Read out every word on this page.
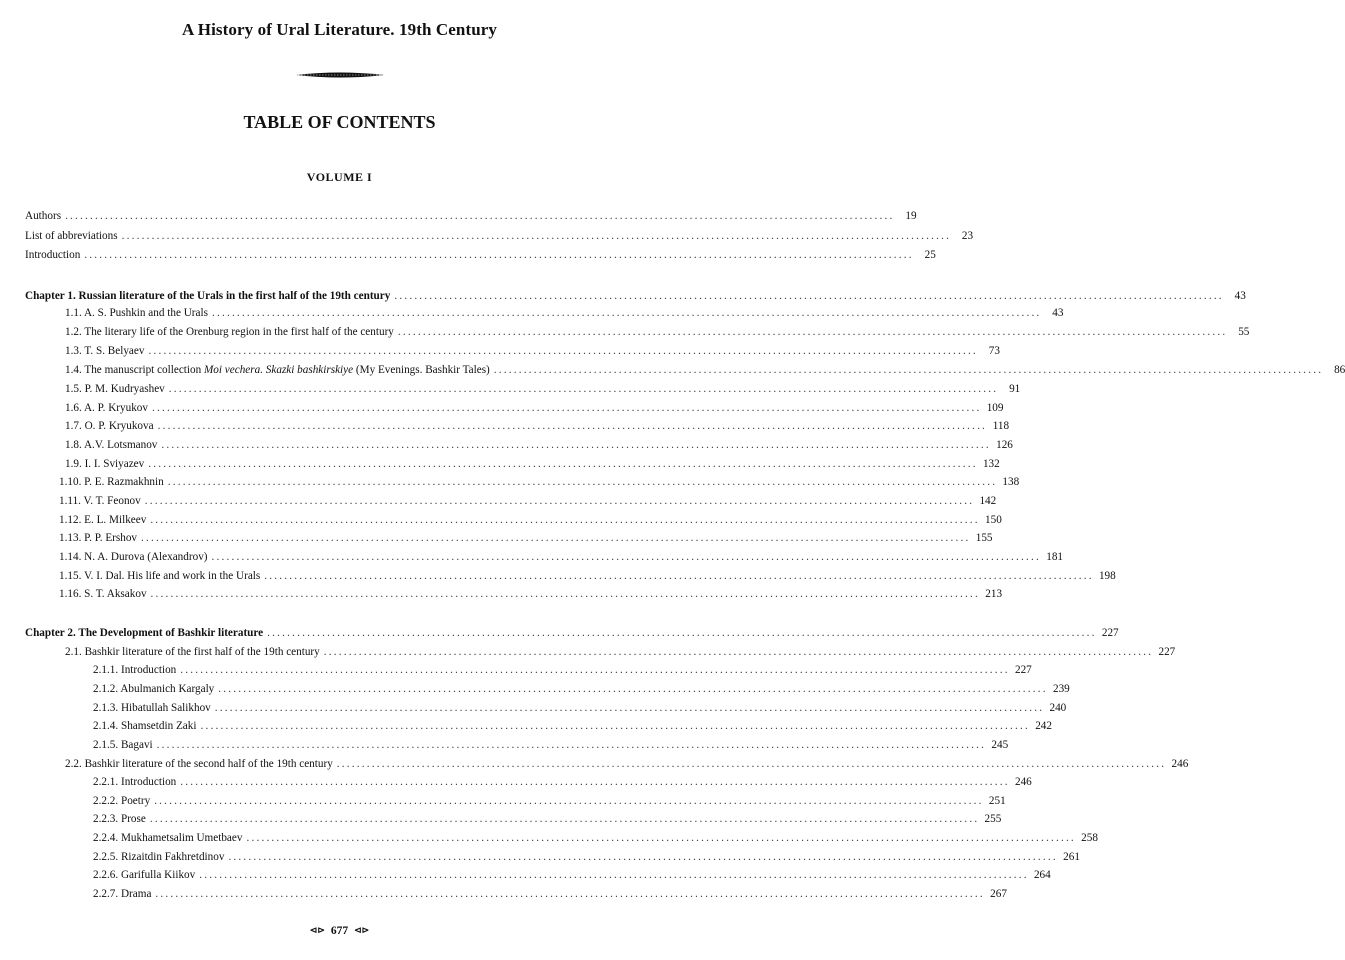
A History of Ural Literature. 19th Century
TABLE OF CONTENTS
VOLUME I
Authors ...................................................................................................................................................................... 19
List of abbreviations ...................................................................................................................................................................... 23
Introduction ...................................................................................................................................................................... 25
Chapter 1. Russian literature of the Urals in the first half of the 19th century ...................................................................................................................................................................... 43
1.1. A. S. Pushkin and the Urals ...................................................................................................................................................................... 43
1.2. The literary life of the Orenburg region in the first half of the century ...................................................................................................................................................................... 55
1.3. T. S. Belyaev ...................................................................................................................................................................... 73
1.4. The manuscript collection Moi vechera. Skazki bashkirskiye (My Evenings. Bashkir Tales) ...................................................................................................................................................................... 86
1.5. P. M. Kudryashev ...................................................................................................................................................................... 91
1.6. A. P. Kryukov ...................................................................................................................................................................... 109
1.7. O. P. Kryukova ...................................................................................................................................................................... 118
1.8. A.V. Lotsmanov ...................................................................................................................................................................... 126
1.9. I. I. Sviyazev ...................................................................................................................................................................... 132
1.10. P. E. Razmakhnin ...................................................................................................................................................................... 138
1.11. V. T. Feonov ...................................................................................................................................................................... 142
1.12. E. L. Milkeev ...................................................................................................................................................................... 150
1.13. P. P. Ershov ...................................................................................................................................................................... 155
1.14. N. A. Durova (Alexandrov) ...................................................................................................................................................................... 181
1.15. V. I. Dal. His life and work in the Urals ...................................................................................................................................................................... 198
1.16. S. T. Aksakov ...................................................................................................................................................................... 213
Chapter 2. The Development of Bashkir literature ...................................................................................................................................................................... 227
2.1. Bashkir literature of the first half of the 19th century ...................................................................................................................................................................... 227
2.1.1. Introduction ...................................................................................................................................................................... 227
2.1.2. Abulmanich Kargaly ...................................................................................................................................................................... 239
2.1.3. Hibatullah Salikhov ...................................................................................................................................................................... 240
2.1.4. Shamsetdin Zaki ...................................................................................................................................................................... 242
2.1.5. Bagavi ...................................................................................................................................................................... 245
2.2. Bashkir literature of the second half of the 19th century ...................................................................................................................................................................... 246
2.2.1. Introduction ...................................................................................................................................................................... 246
2.2.2. Poetry ...................................................................................................................................................................... 251
2.2.3. Prose ...................................................................................................................................................................... 255
2.2.4. Mukhametsalim Umetbaev ...................................................................................................................................................................... 258
2.2.5. Rizaitdin Fakhretdinov ...................................................................................................................................................................... 261
2.2.6. Garifulla Kiikov ...................................................................................................................................................................... 264
2.2.7. Drama ...................................................................................................................................................................... 267
⊲⊳ 677 ⊲⊳
